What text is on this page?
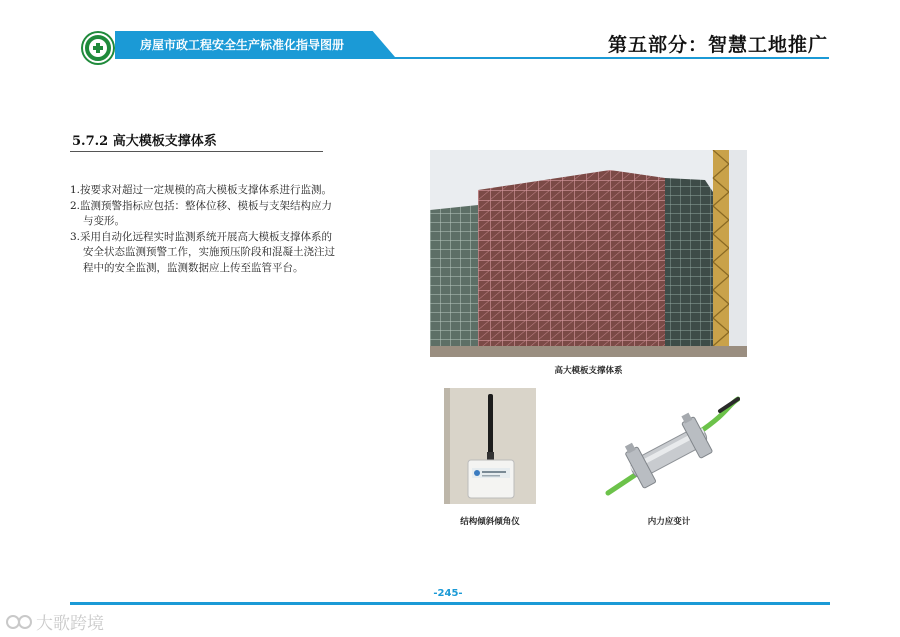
房屋市政工程安全生产标准化指导图册	第五部分：智慧工地推广
5.7.2 高大模板支撑体系
1.按要求对超过一定规模的高大模板支撑体系进行监测。
2.监测预警指标应包括：整体位移、模板与支架结构应力与变形。
3.采用自动化远程实时监测系统开展高大模板支撑体系的安全状态监测预警工作，实施预压阶段和混凝土浇注过程中的安全监测，监测数据应上传至监管平台。
高大模板支撑体系
结构倾斜倾角仪	内力应变计
-245-
大歌跨境
